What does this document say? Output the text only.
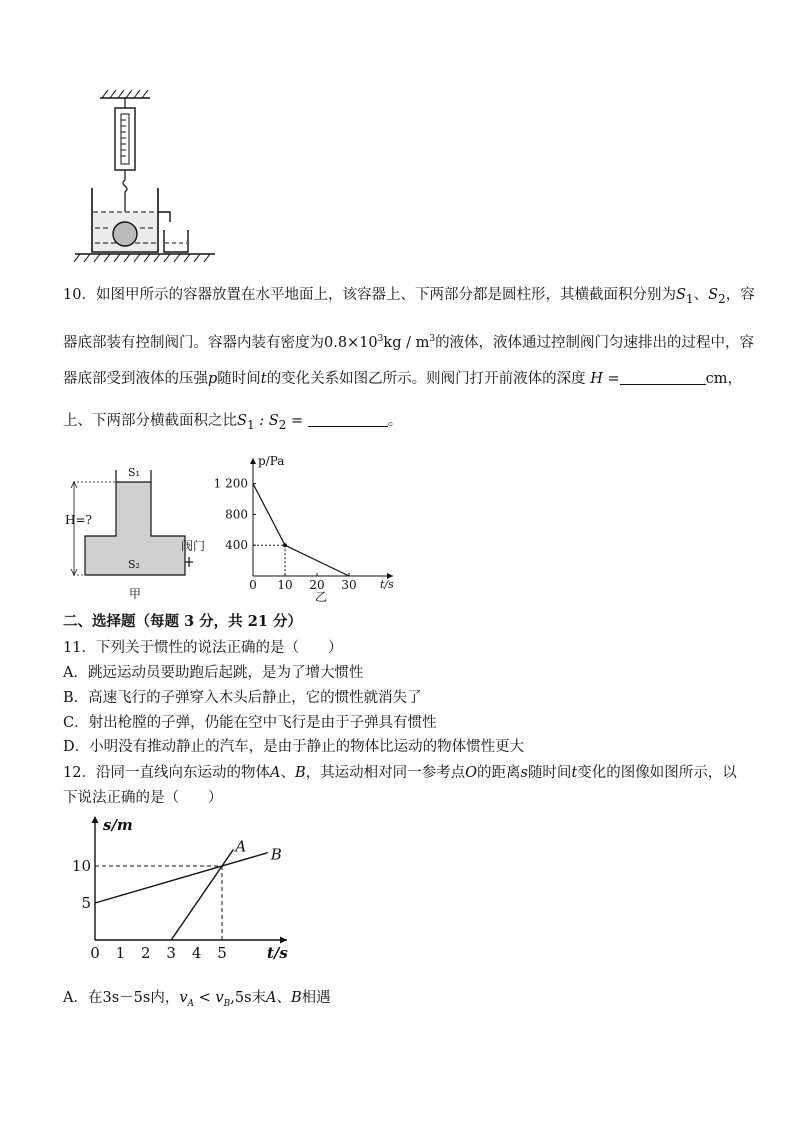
10．如图甲所示的容器放置在水平地面上，该容器上、下两部分都是圆柱形，其横截面积分别为$S_1$、$S_2$，容
器底部装有控制阀门。容器内装有密度为$0.8\times 10^3kg / m^3$的液体，液体通过控制阀门匀速排出的过程中，容
器底部受到液体的压强p随时间t的变化关系如图乙所示。则阀门打开前液体的深度 H =	cm，
上、下两部分横截面积之比$S_1$ : $S_2$ =	。
H=?
S₁
S₂
阀门
甲
p/Pa
t/s
0 10 20 30
400
800
1 200
乙
二、选择题（每题 3 分，共 21 分）
11．下列关于惯性的说法正确的是（　　）
A．跳远运动员要助跑后起跳，是为了增大惯性
B．高速飞行的子弹穿入木头后静止，它的惯性就消失了
C．射出枪膛的子弹，仍能在空中飞行是由于子弹具有惯性
D．小明没有推动静止的汽车，是由于静止的物体比运动的物体惯性更大
12．沿同一直线向东运动的物体A、B，其运动相对同一参考点O的距离s随时间t变化的图像如图所示，以
下说法正确的是（　　）
s/m
t/s
0 1 2 3 4 5
5
10
A B
A．在3s－5s内，$v_A < v_B,5s$末A、B相遇
